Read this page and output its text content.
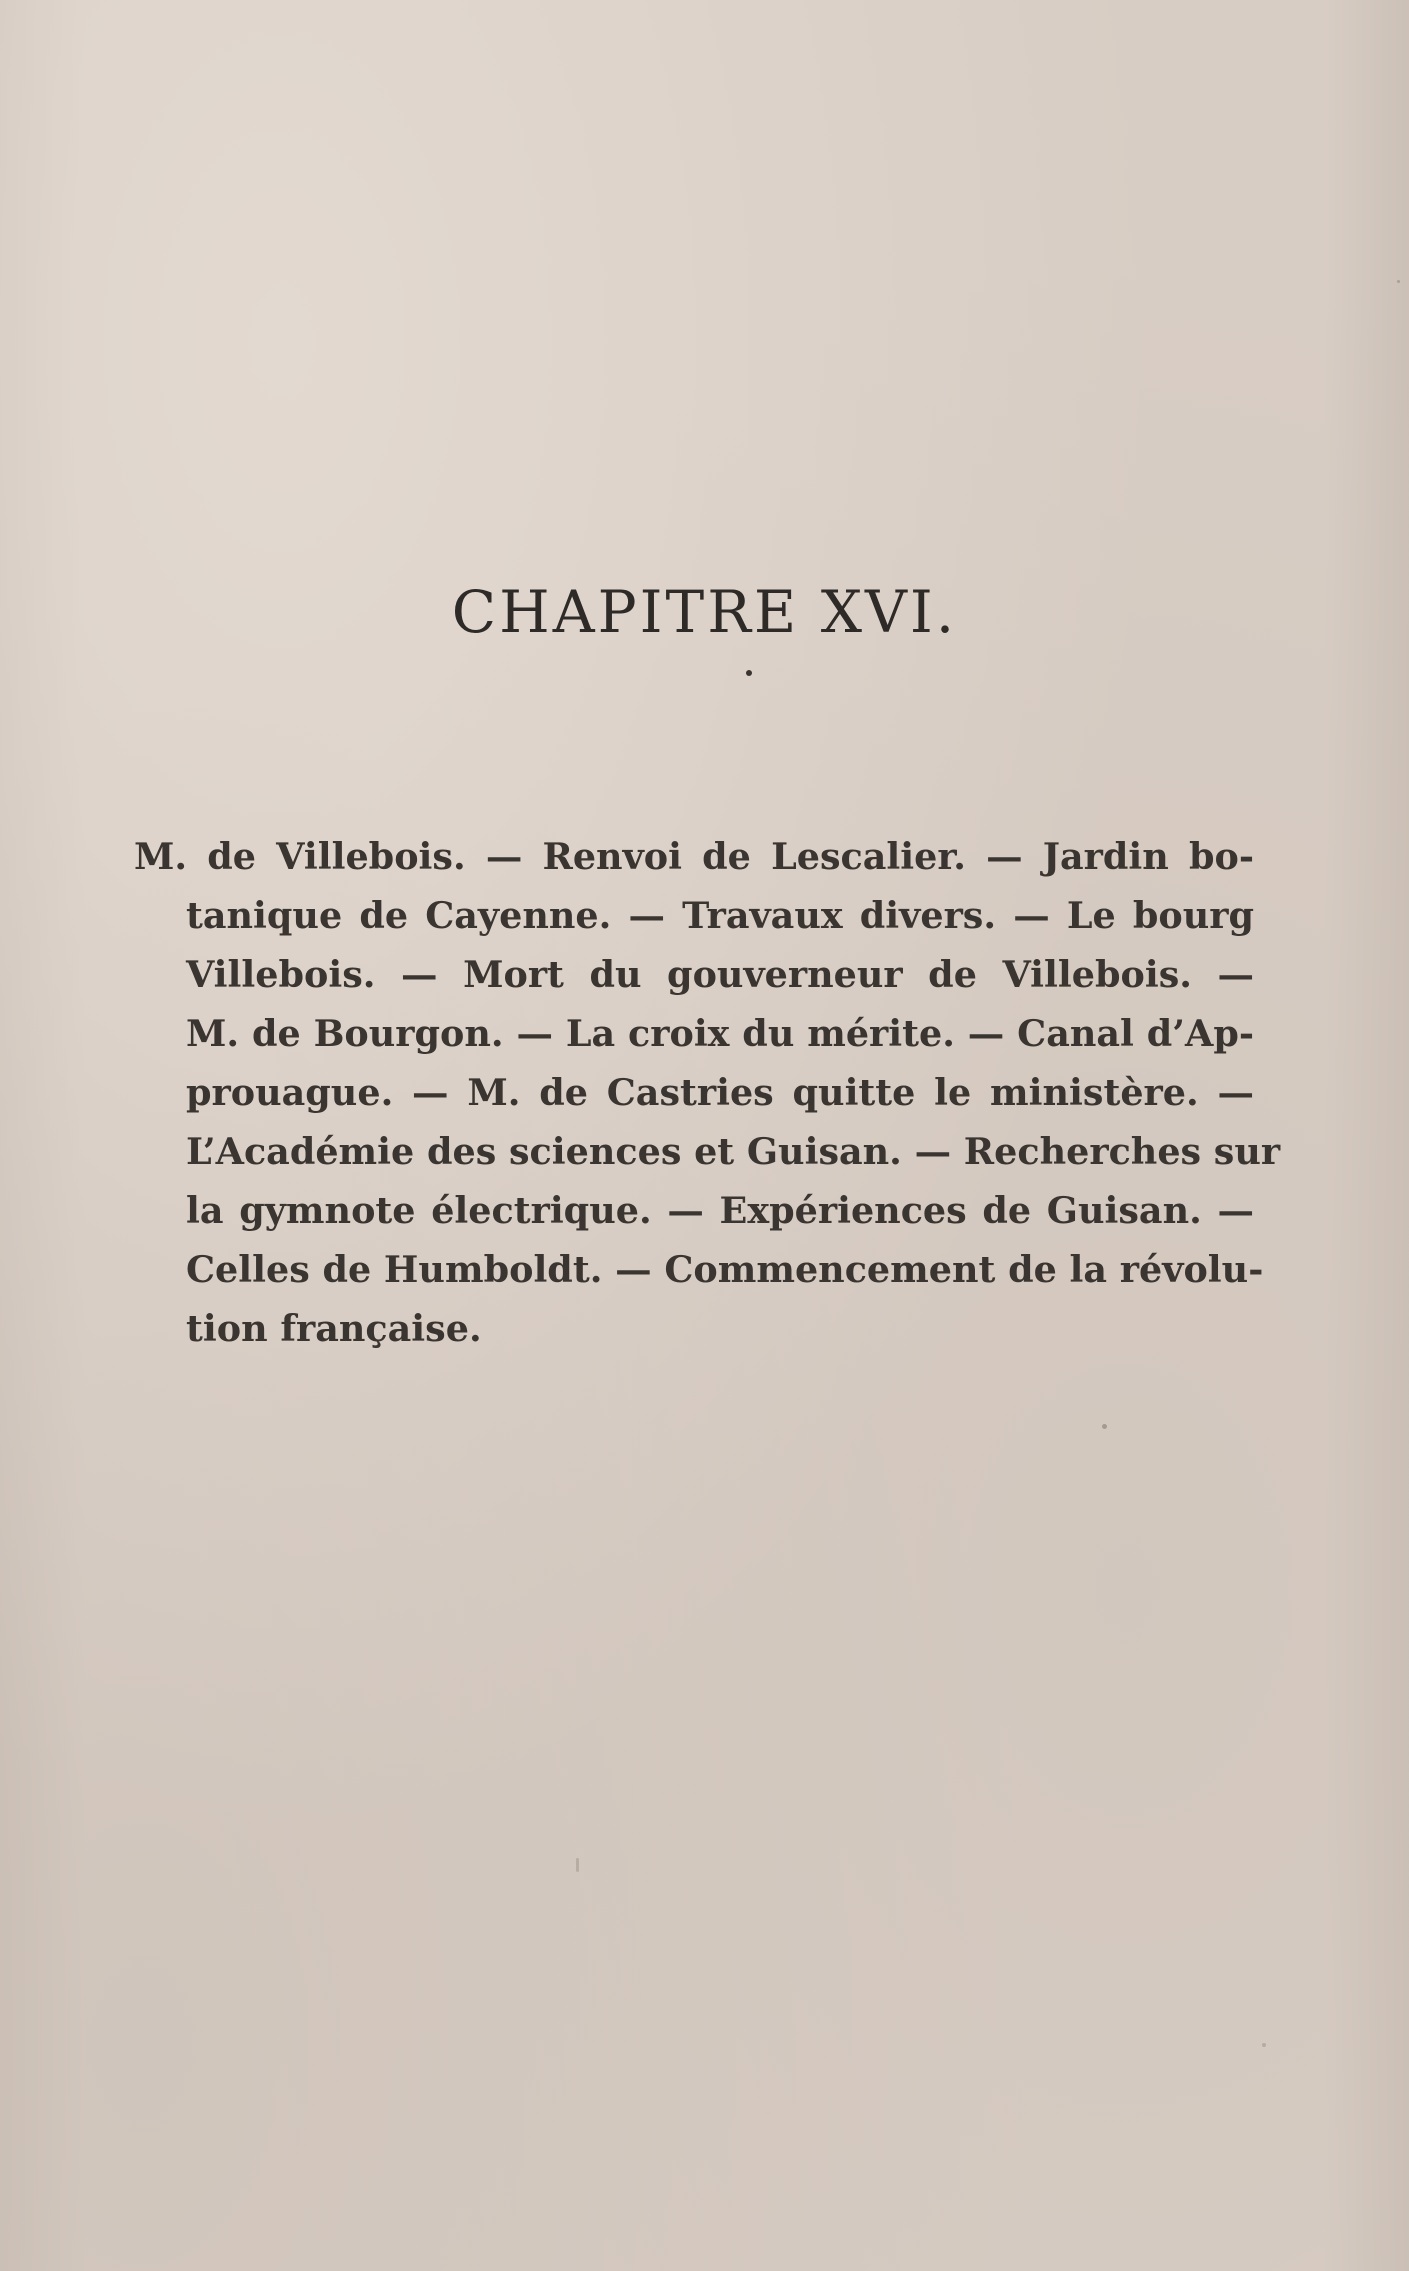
CHAPITRE XVI.
M. de Villebois. — Renvoi de Lescalier. — Jardin bo-
tanique de Cayenne. — Travaux divers. — Le bourg
Villebois. — Mort du gouverneur de Villebois. —
M. de Bourgon. — La croix du mérite. — Canal d’Ap-
prouague. — M. de Castries quitte le ministère. —
L’Académie des sciences et Guisan. — Recherches sur
la gymnote électrique. — Expériences de Guisan. —
Celles de Humboldt. — Commencement de la révolu-
tion française.
